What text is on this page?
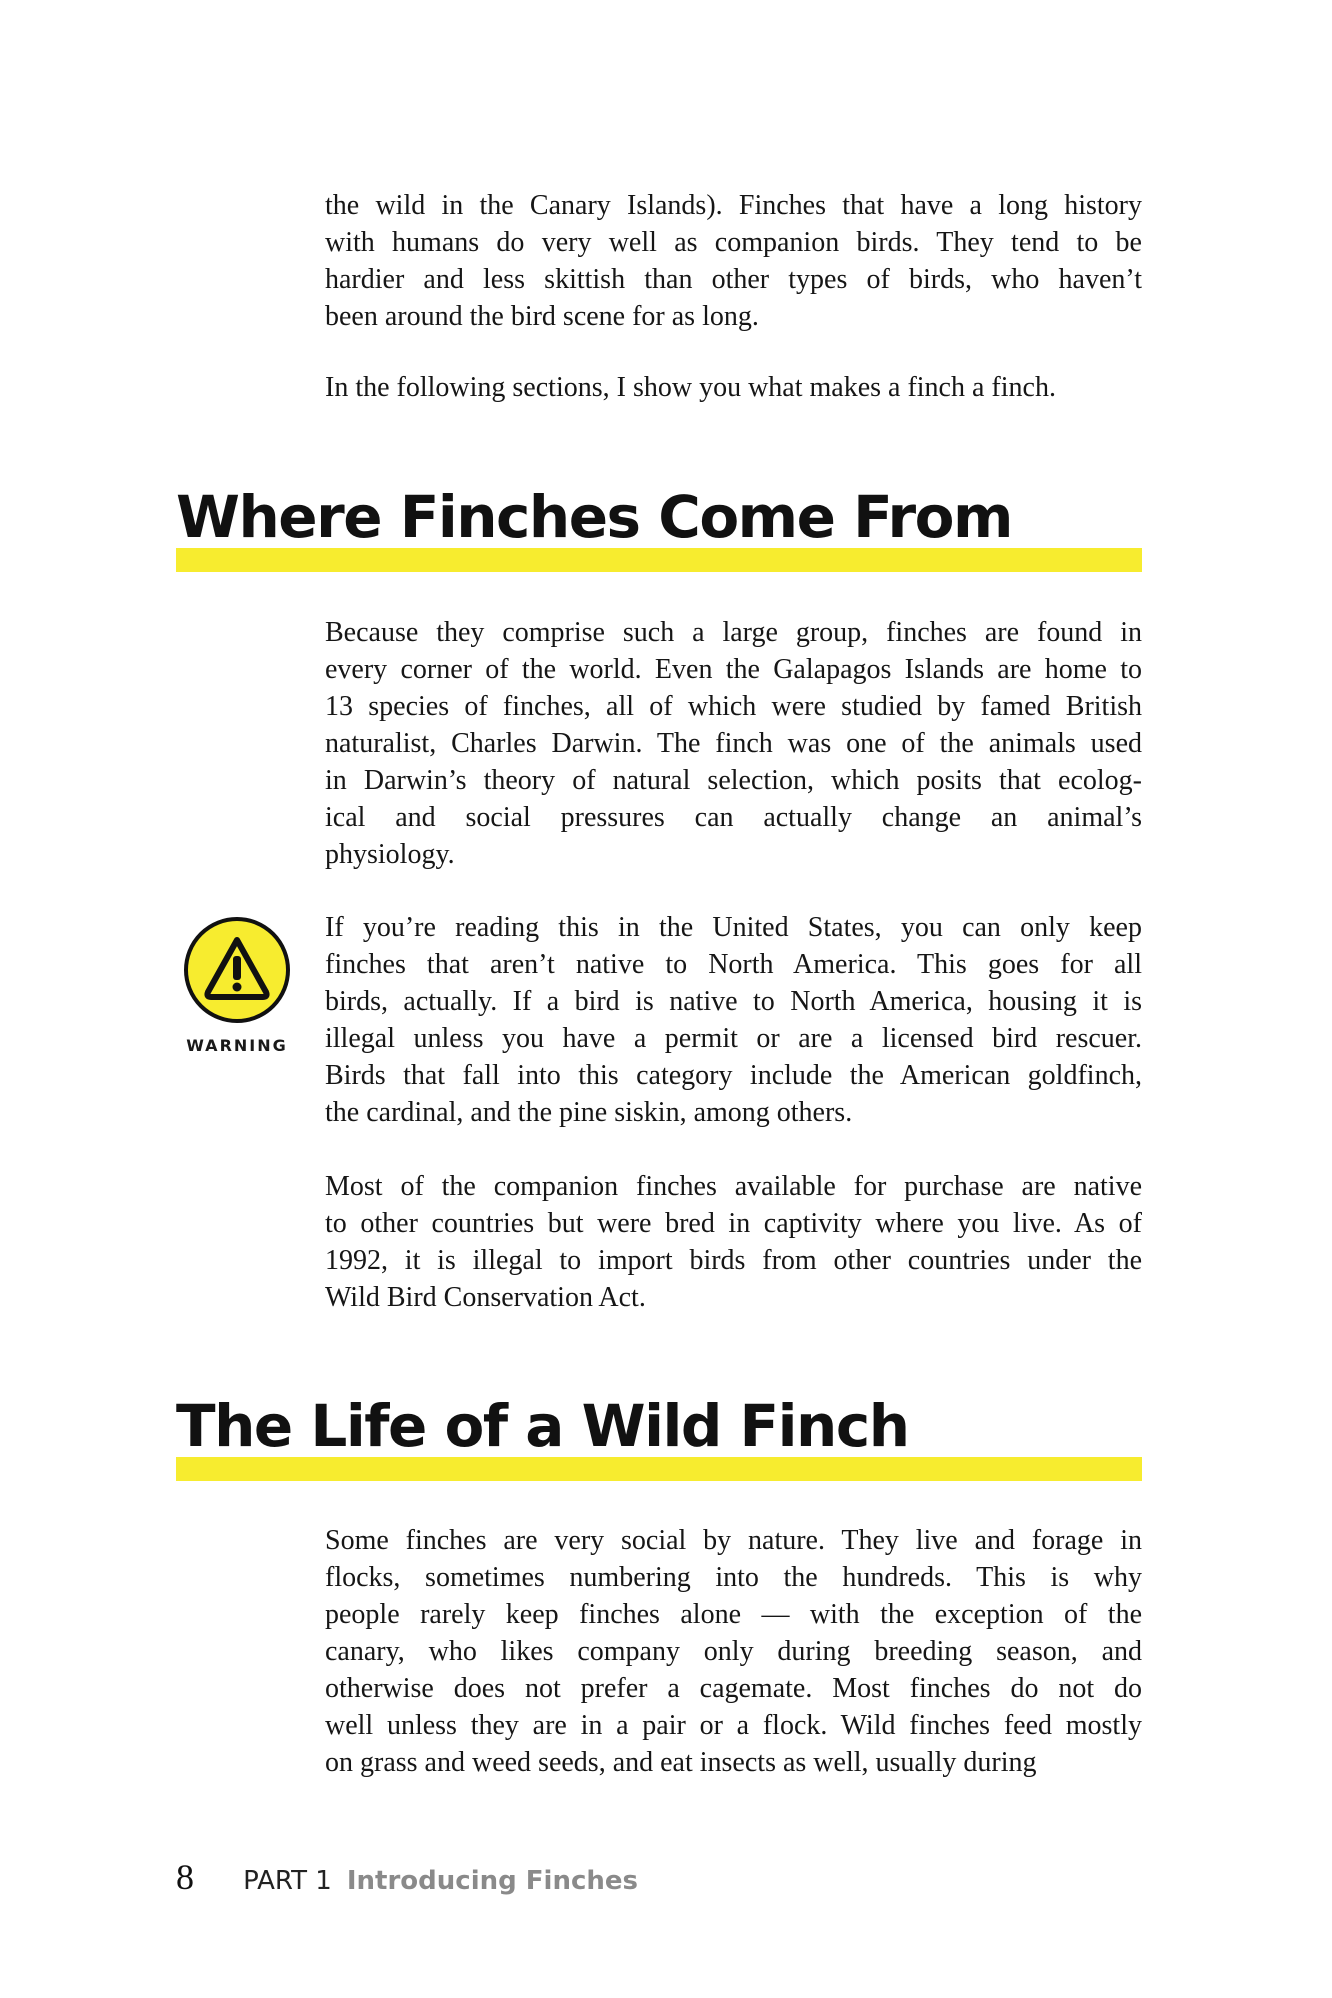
the wild in the Canary Islands). Finches that have a long history
with humans do very well as companion birds. They tend to be
hardier and less skittish than other types of birds, who haven’t
been around the bird scene for as long.

In the following sections, I show you what makes a finch a finch.

Where Finches Come From

Because they comprise such a large group, finches are found in
every corner of the world. Even the Galapagos Islands are home to
13 species of finches, all of which were studied by famed British
naturalist, Charles Darwin. The finch was one of the animals used
in Darwin’s theory of natural selection, which posits that ecolog-
ical and social pressures can actually change an animal’s
physiology.

WARNING

If you’re reading this in the United States, you can only keep
finches that aren’t native to North America. This goes for all
birds, actually. If a bird is native to North America, housing it is
illegal unless you have a permit or are a licensed bird rescuer.
Birds that fall into this category include the American goldfinch,
the cardinal, and the pine siskin, among others.

Most of the companion finches available for purchase are native
to other countries but were bred in captivity where you live. As of
1992, it is illegal to import birds from other countries under the
Wild Bird Conservation Act.

The Life of a Wild Finch

Some finches are very social by nature. They live and forage in
flocks, sometimes numbering into the hundreds. This is why
people rarely keep finches alone — with the exception of the
canary, who likes company only during breeding season, and
otherwise does not prefer a cagemate. Most finches do not do
well unless they are in a pair or a flock. Wild finches feed mostly
on grass and weed seeds, and eat insects as well, usually during

8 PART 1 Introducing Finches
